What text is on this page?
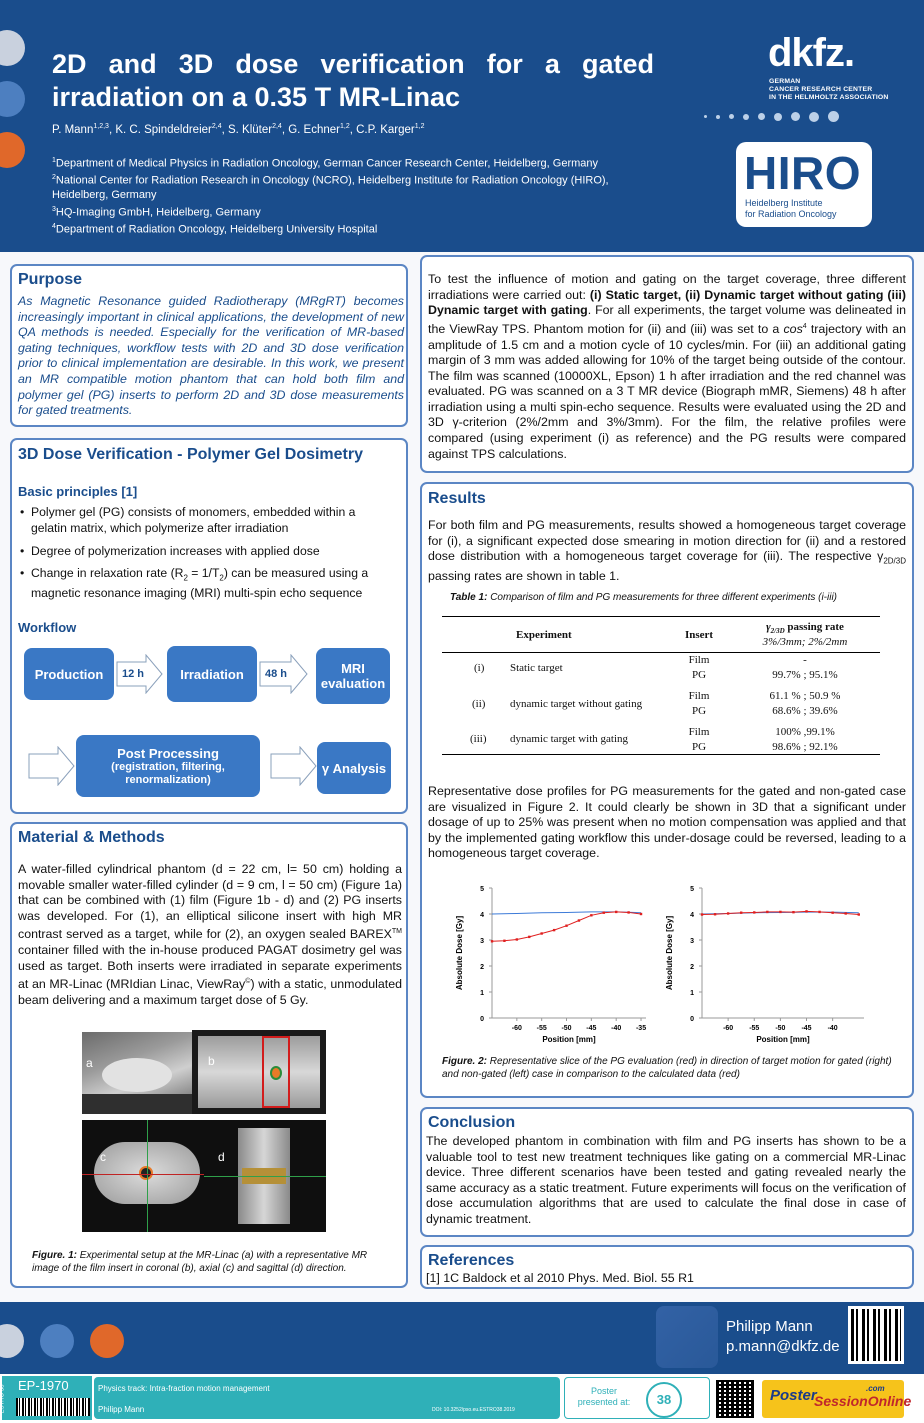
2D and 3D dose verification for a gated irradiation on a 0.35 T MR-Linac
P. Mann$^{1,2,3}$, K. C. Spindeldreier$^{2,4}$, S. Klüter$^{2,4}$, G. Echner$^{1,2}$, C.P. Karger$^{1,2}$
$^1$Department of Medical Physics in Radiation Oncology, German Cancer Research Center, Heidelberg, Germany
$^2$National Center for Radiation Research in Oncology (NCRO), Heidelberg Institute for Radiation Oncology (HIRO), Heidelberg, Germany
$^3$HQ-Imaging GmbH, Heidelberg, Germany
$^4$Department of Radiation Oncology, Heidelberg University Hospital
dkfz.
GERMAN
CANCER RESEARCH CENTER
IN THE HELMHOLTZ ASSOCIATION
HIRO
Heidelberg Institute
for Radiation Oncology
Purpose
As Magnetic Resonance guided Radiotherapy (MRgRT) becomes increasingly important in clinical applications, the development of new QA methods is needed. Especially for the verification of MR-based gating techniques, workflow tests with 2D and 3D dose verification prior to clinical implementation are desirable. In this work, we present an MR compatible motion phantom that can hold both film and polymer gel (PG) inserts to perform 2D and 3D dose measurements for gated treatments.
3D Dose Verification - Polymer Gel Dosimetry
Basic principles [1]
• Polymer gel (PG) consists of monomers, embedded within a gelatin matrix, which polymerize after irradiation
• Degree of polymerization increases with applied dose
• Change in relaxation rate $(R_2 = 1/T_2)$ can be measured using a magnetic resonance imaging (MRI) multi-spin echo sequence
Workflow
Production	12 h	Irradiation	48 h	MRI evaluation
Post Processing
(registration, filtering, renormalization)
γ Analysis
Material & Methods
A water-filled cylindrical phantom (d = 22 cm, l= 50 cm) holding a movable smaller water-filled cylinder (d = 9 cm, l = 50 cm) (Figure 1a) that can be combined with (1) film (Figure 1b - d) and (2) PG inserts was developed. For (1), an elliptical silicone insert with high MR contrast served as a target, while for (2), an oxygen sealed BAREX™ container filled with the in-house produced PAGAT dosimetry gel was used as target. Both inserts were irradiated in separate experiments at an MR-Linac (MRIdian Linac, ViewRay©) with a static, unmodulated beam delivering and a maximum target dose of 5 Gy.
a	b
c	d
Figure. 1: Experimental setup at the MR-Linac (a) with a representative MR image of the film insert in coronal (b), axial (c) and sagittal (d) direction.
To test the influence of motion and gating on the target coverage, three different irradiations were carried out: (i) Static target, (ii) Dynamic target without gating (iii) Dynamic target with gating. For all experiments, the target volume was delineated in the ViewRay TPS. Phantom motion for (ii) and (iii) was set to a $\cos^4$ trajectory with an amplitude of 1.5 cm and a motion cycle of 10 cycles/min. For (iii) an additional gating margin of 3 mm was added allowing for 10% of the target being outside of the contour. The film was scanned (10000XL, Epson) 1 h after irradiation and the red channel was evaluated. PG was scanned on a 3 T MR device (Biograph mMR, Siemens) 48 h after irradiation using a multi spin-echo sequence. Results were evaluated using the 2D and 3D γ-criterion (2%/2mm and 3%/3mm). For the film, the relative profiles were compared (using experiment (i) as reference) and the PG results were compared against TPS calculations.
Results
For both film and PG measurements, results showed a homogeneous target coverage for (i), a significant expected dose smearing in motion direction for (ii) and a restored dose distribution with a homogeneous target coverage for (iii). The respective $\gamma_{2D/3D}$ passing rates are shown in table 1.
Table 1: Comparison of film and PG measurements for three different experiments (i-iii)
	Experiment	Insert	$\gamma_{2/3D}$ passing rate
3%/3mm; 2%/2mm

(i)	Static target	Film	-
		PG	99.7% ; 95.1%

(ii)	dynamic target without gating	Film	61.1 % ; 50.9 %
		PG	68.6% ; 39.6%

(iii)	dynamic target with gating	Film	100% ,99.1%
		PG	98.6% ; 92.1%
Representative dose profiles for PG measurements for the gated and non-gated case are visualized in Figure 2. It could clearly be shown in 3D that a significant under dosage of up to 25% was present when no motion compensation was applied and that by the implemented gating workflow this under-dosage could be reversed, leading to a homogeneous target coverage.
0
1
2
3
4
5
-60 -55 -50 -45 -40 -35
Position [mm]
Absolute Dose [Gy]
0
1
2
3
4
5
-60 -55 -50 -45 -40
Position [mm]
Absolute Dose [Gy]
Figure. 2: Representative slice of the PG evaluation (red) in direction of target motion for gated (right) and non-gated (left) case in comparison to the calculated data (red)
Conclusion
The developed phantom in combination with film and PG inserts has shown to be a valuable tool to test new treatment techniques like gating on a commercial MR-Linac device. Three different scenarios have been tested and gating revealed nearly the same accuracy as a static treatment. Future experiments will focus on the verification of dose accumulation algorithms that are used to calculate the final dose in case of dynamic treatment.
References
[1] 1C Baldock et al 2010 Phys. Med. Biol. 55 R1
Philipp Mann
p.mann@dkfz.de
EP-1970
ESTRO 38	Physics track: Intra-fraction motion management
Philipp Mann	DOI: 10.3252/pso.eu.ESTRO38.2019
Poster
presented at:	38	Poster
SessionOnline
.com
